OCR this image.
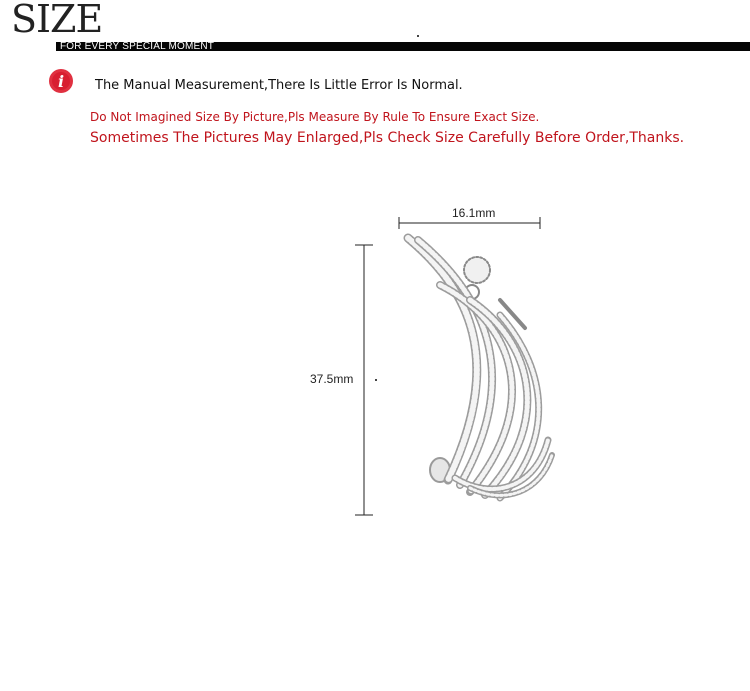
SIZE
FOR EVERY SPECIAL MOMENT
i The Manual Measurement,There Is Little Error Is Normal.
Do Not Imagined Size By Picture,Pls Measure By Rule To Ensure Exact Size.
Sometimes The Pictures May Enlarged,Pls Check Size Carefully Before Order,Thanks.
16.1mm
37.5mm
